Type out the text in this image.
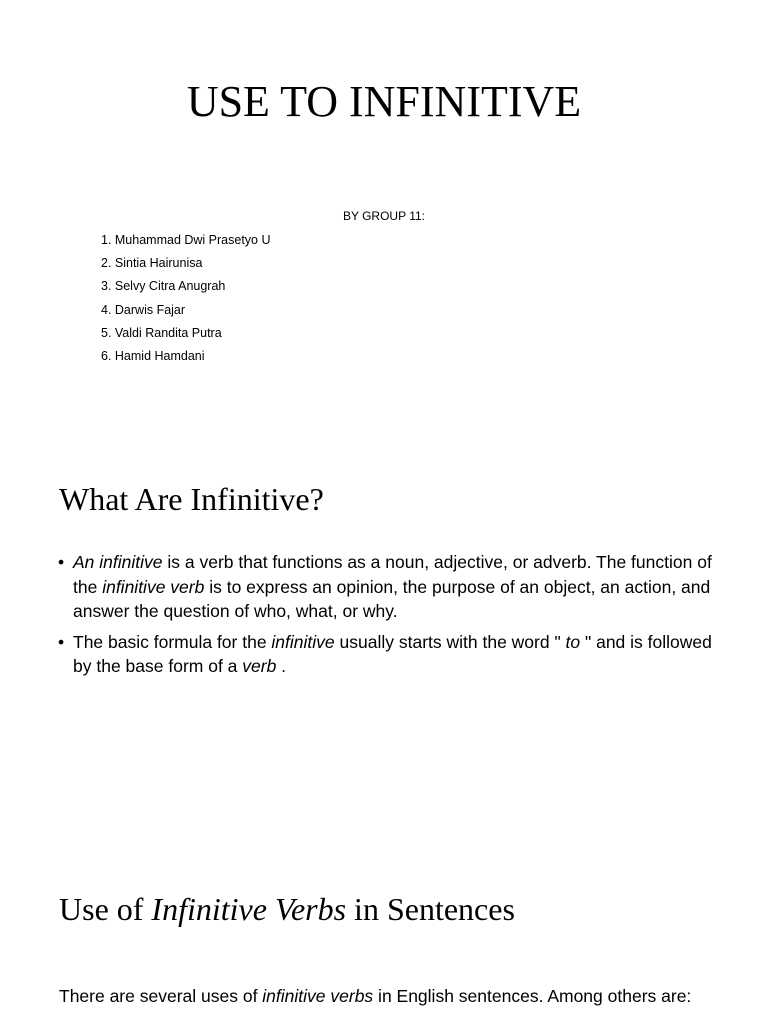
USE TO INFINITIVE
BY GROUP 11:
1. Muhammad Dwi Prasetyo U
2. Sintia Hairunisa
3. Selvy Citra Anugrah
4. Darwis Fajar
5. Valdi Randita Putra
6. Hamid Hamdani
What Are Infinitive?
• An infinitive is a verb that functions as a noun, adjective, or adverb. The function of the infinitive verb is to express an opinion, the purpose of an object, an action, and answer the question of who, what, or why.
• The basic formula for the infinitive usually starts with the word " to " and is followed by the base form of a verb .
Use of Infinitive Verbs in Sentences
There are several uses of infinitive verbs in English sentences. Among others are:
